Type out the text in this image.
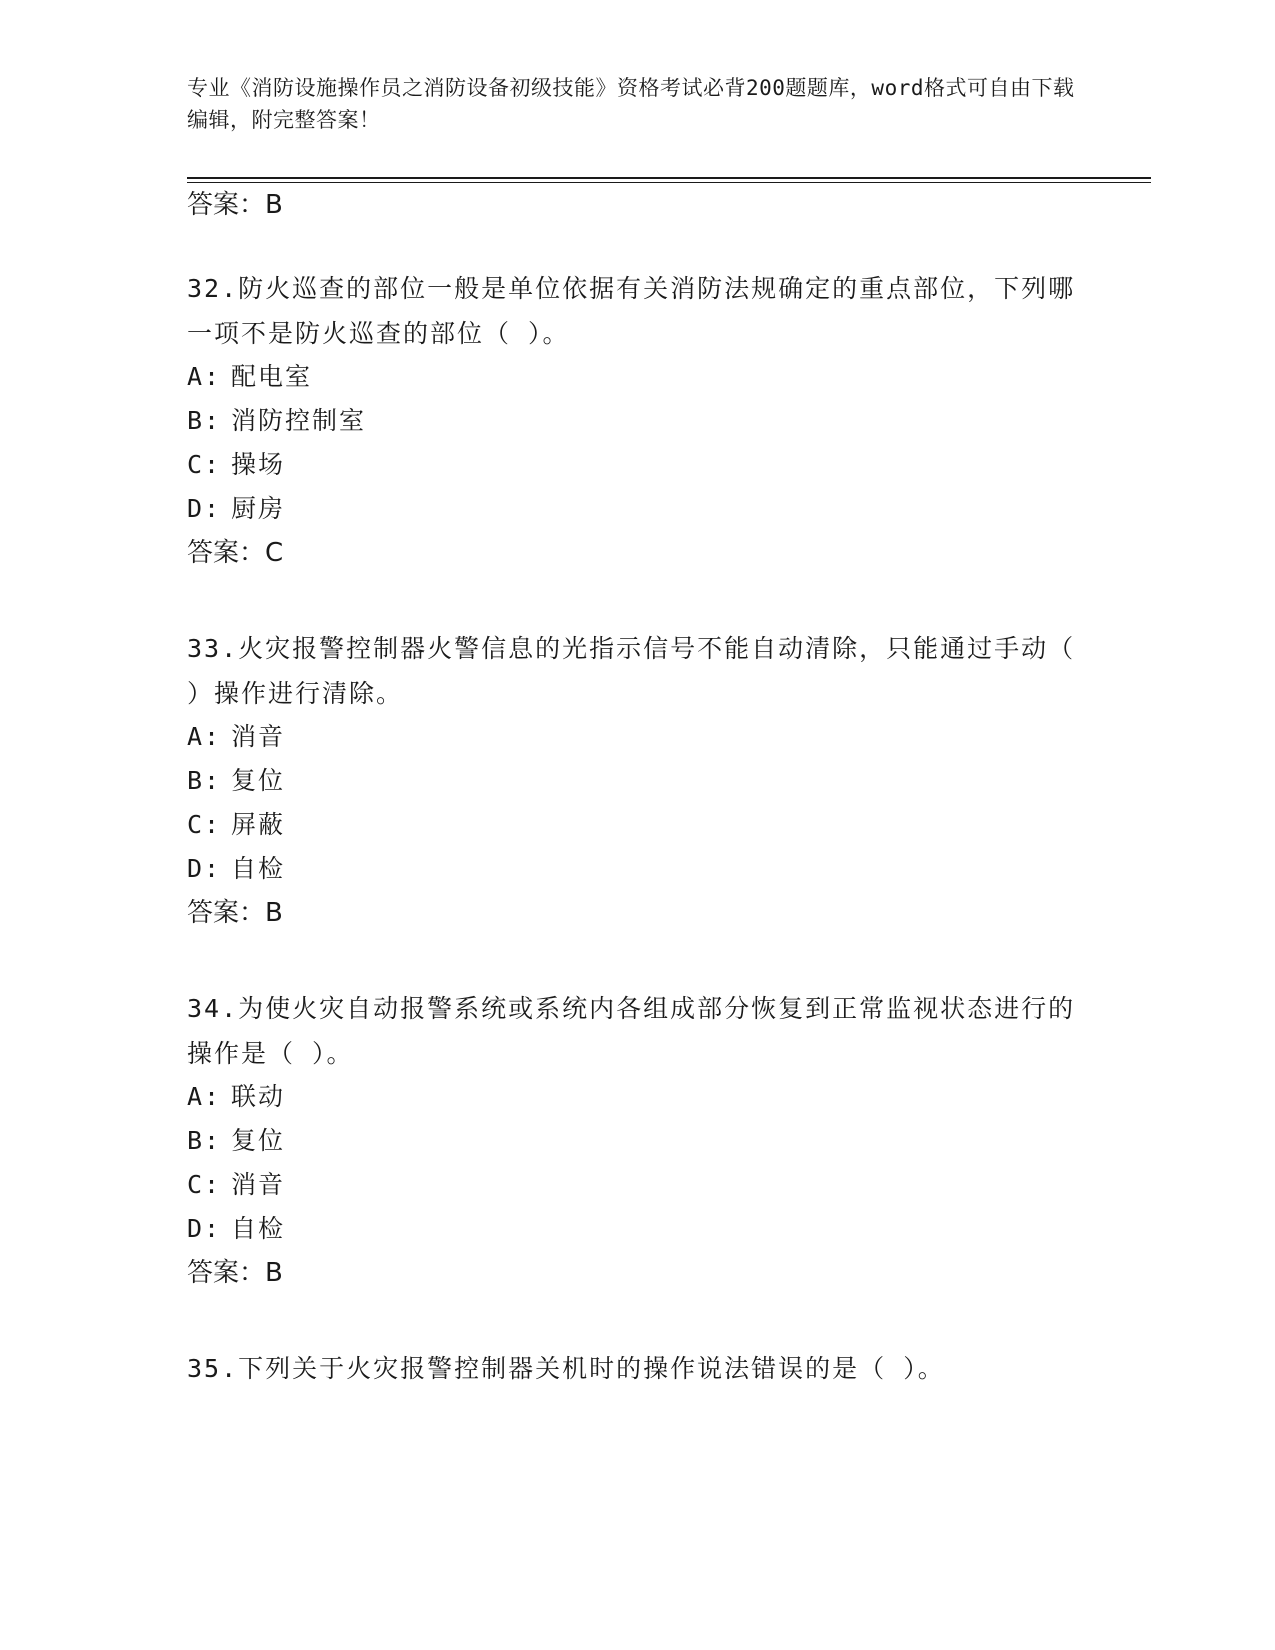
专业《消防设施操作员之消防设备初级技能》资格考试必背200题题库，word格式可自由下载编辑，附完整答案！
答案：B
32.防火巡查的部位一般是单位依据有关消防法规确定的重点部位，下列哪一项不是防火巡查的部位（ ）。
A: 配电室
B: 消防控制室
C: 操场
D: 厨房
答案：C
33.火灾报警控制器火警信息的光指示信号不能自动清除，只能通过手动（ ）操作进行清除。
A: 消音
B: 复位
C: 屏蔽
D: 自检
答案：B
34.为使火灾自动报警系统或系统内各组成部分恢复到正常监视状态进行的操作是（ ）。
A: 联动
B: 复位
C: 消音
D: 自检
答案：B
35.下列关于火灾报警控制器关机时的操作说法错误的是（ ）。
